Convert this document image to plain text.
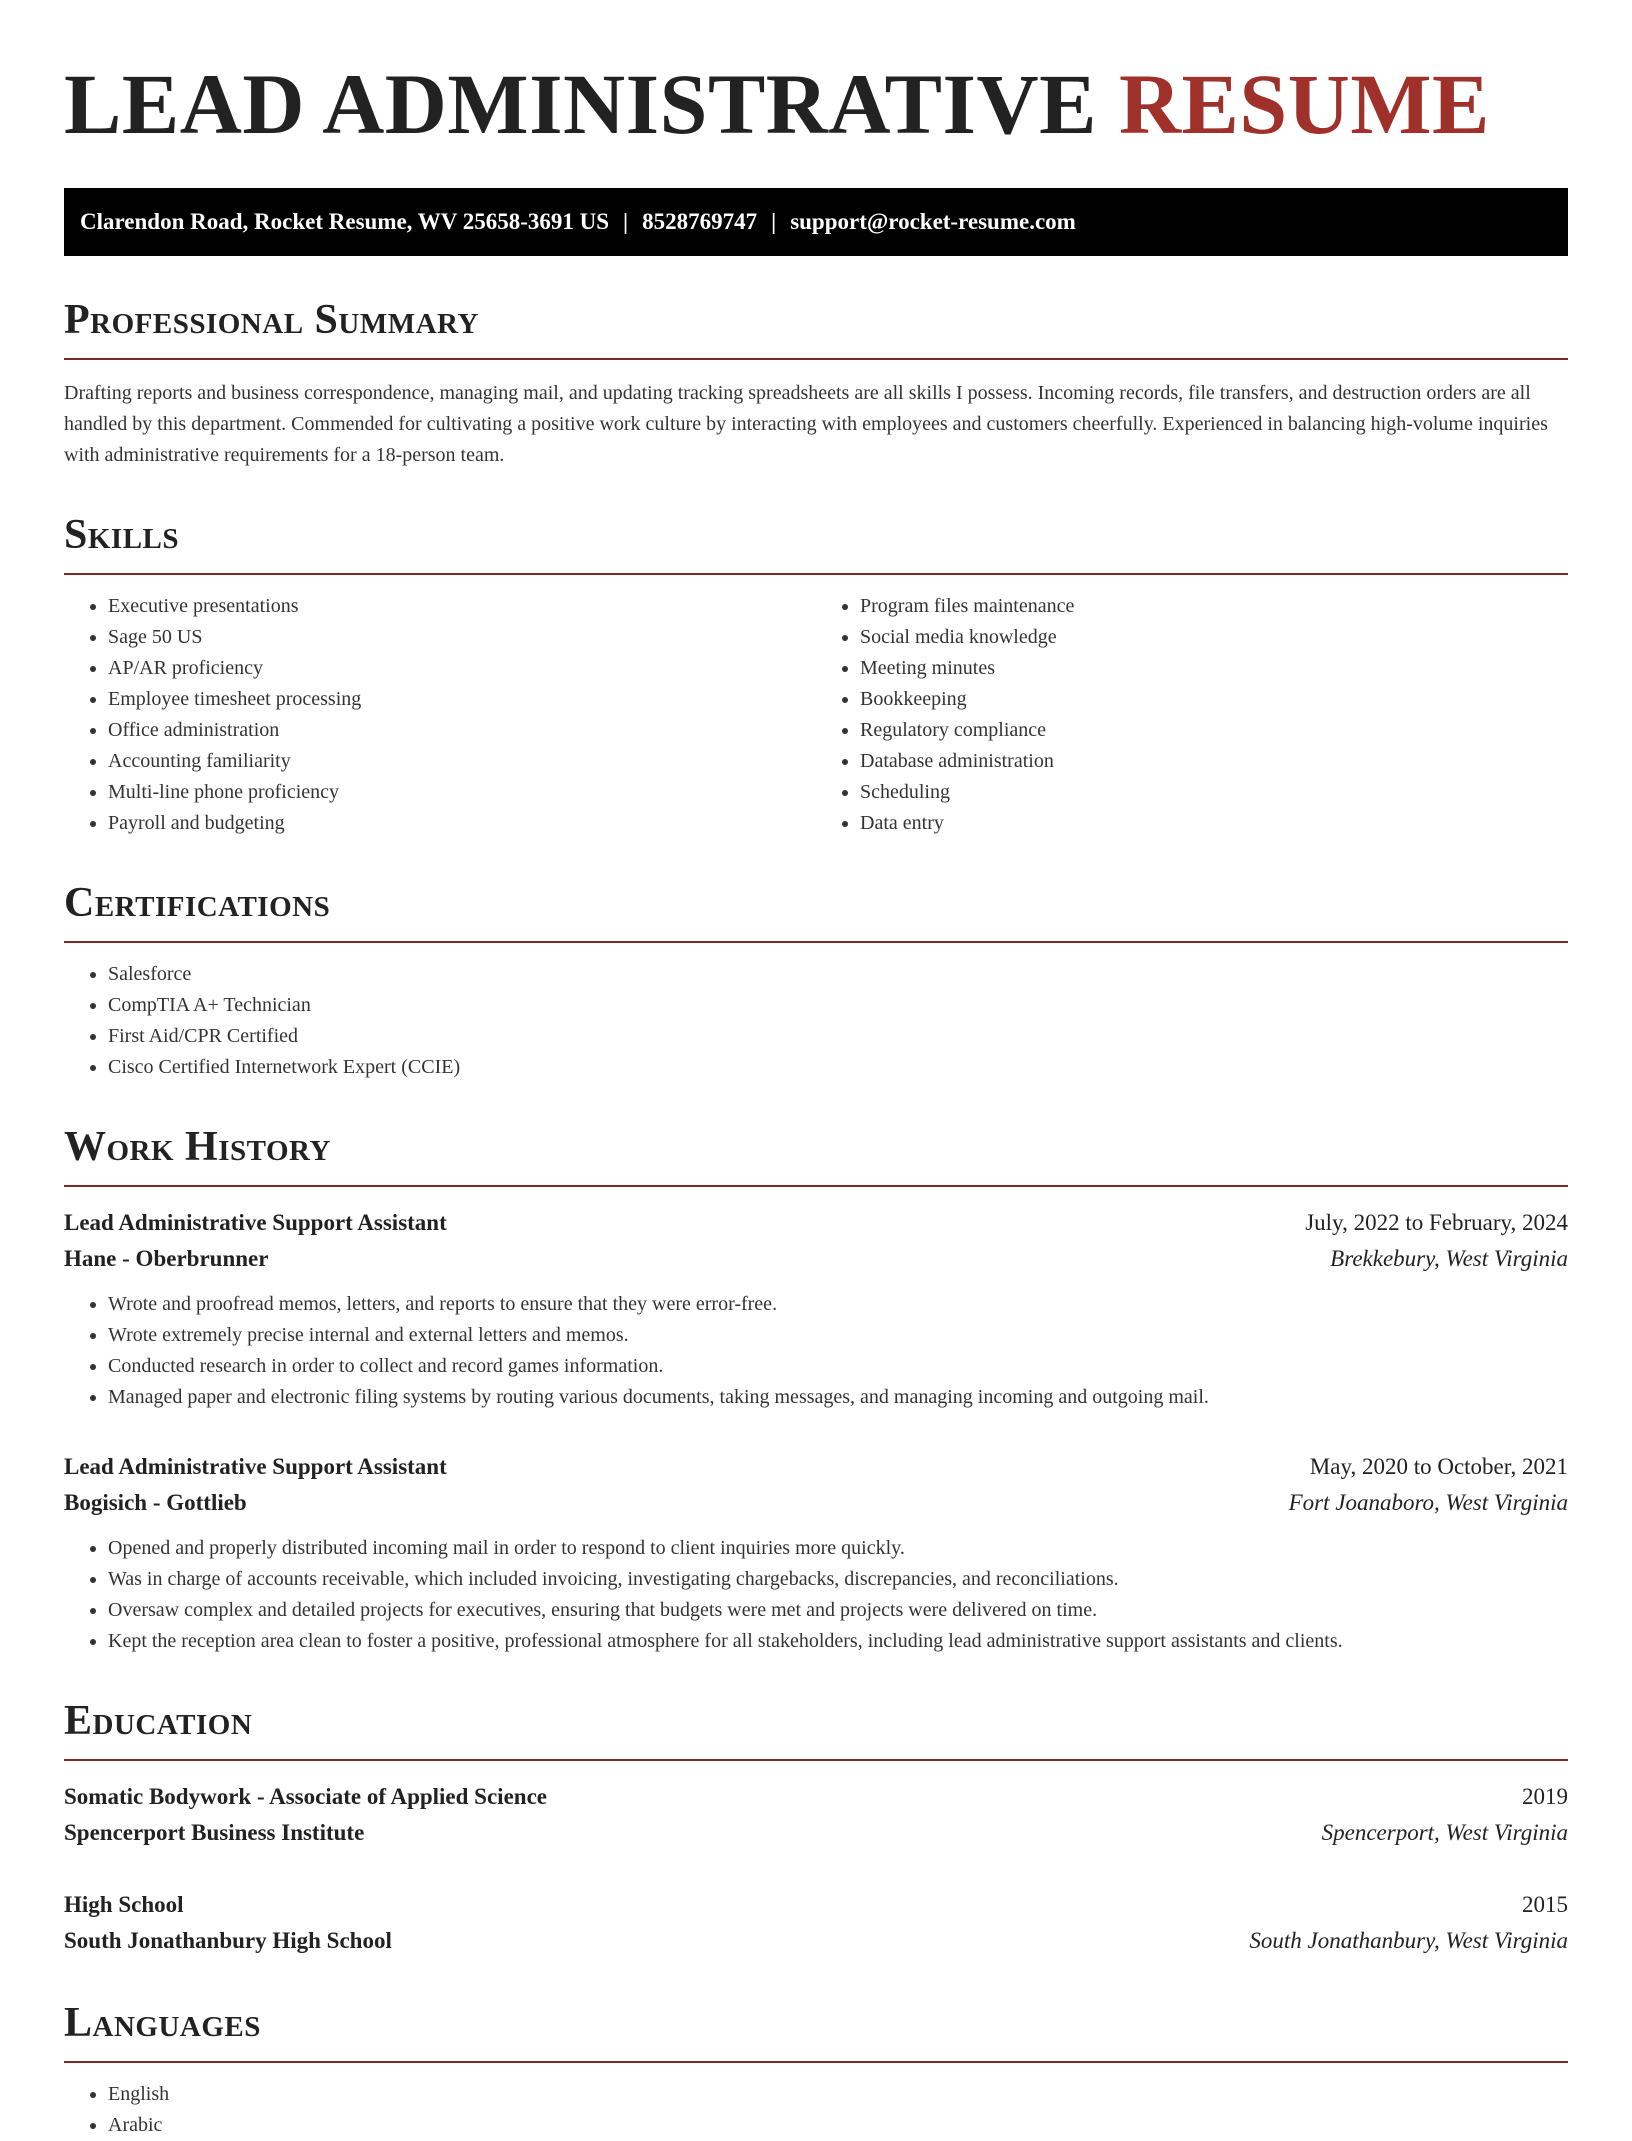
LEAD ADMINISTRATIVE RESUME
Clarendon Road, Rocket Resume, WV 25658-3691 US | 8528769747 | support@rocket-resume.com
Professional Summary

Drafting reports and business correspondence, managing mail, and updating tracking spreadsheets are all skills I possess. Incoming records, file transfers, and destruction orders are all handled by this department. Commended for cultivating a positive work culture by interacting with employees and customers cheerfully. Experienced in balancing high-volume inquiries with administrative requirements for a 18-person team.

Skills
• Executive presentations
• Sage 50 US
• AP/AR proficiency
• Employee timesheet processing
• Office administration
• Accounting familiarity
• Multi-line phone proficiency
• Payroll and budgeting
• Program files maintenance
• Social media knowledge
• Meeting minutes
• Bookkeeping
• Regulatory compliance
• Database administration
• Scheduling
• Data entry
Certifications
• Salesforce
• CompTIA A+ Technician
• First Aid/CPR Certified
• Cisco Certified Internetwork Expert (CCIE)
Work History
Lead Administrative Support Assistant	July, 2022 to February, 2024
Hane - Oberbrunner	Brekkebury, West Virginia
• Wrote and proofread memos, letters, and reports to ensure that they were error-free.
• Wrote extremely precise internal and external letters and memos.
• Conducted research in order to collect and record games information.
• Managed paper and electronic filing systems by routing various documents, taking messages, and managing incoming and outgoing mail.
Lead Administrative Support Assistant	May, 2020 to October, 2021
Bogisich - Gottlieb	Fort Joanaboro, West Virginia
• Opened and properly distributed incoming mail in order to respond to client inquiries more quickly.
• Was in charge of accounts receivable, which included invoicing, investigating chargebacks, discrepancies, and reconciliations.
• Oversaw complex and detailed projects for executives, ensuring that budgets were met and projects were delivered on time.
• Kept the reception area clean to foster a positive, professional atmosphere for all stakeholders, including lead administrative support assistants and clients.
Education
Somatic Bodywork - Associate of Applied Science	2019
Spencerport Business Institute	Spencerport, West Virginia
High School	2015
South Jonathanbury High School	South Jonathanbury, West Virginia
Languages
• English
• Arabic
